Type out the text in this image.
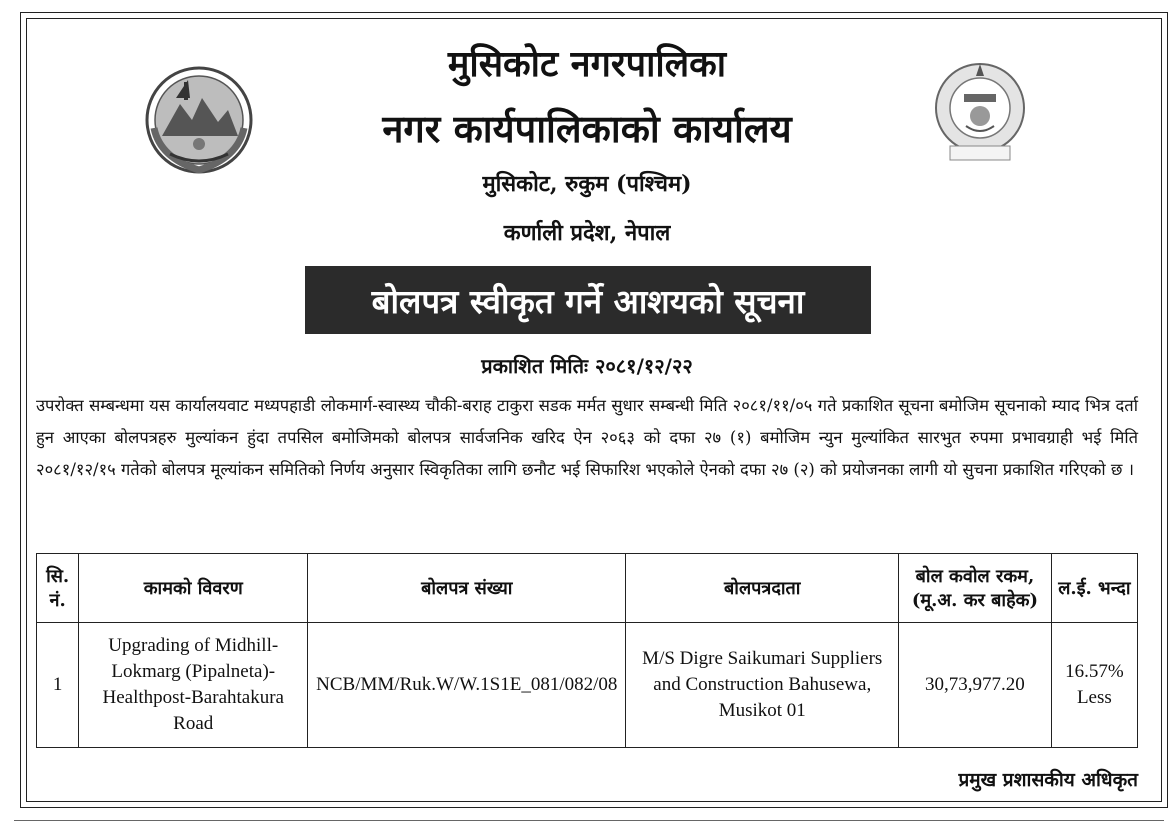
मुसिकोट नगरपालिका
नगर कार्यपालिकाको कार्यालय
मुसिकोट, रुकुम (पश्चिम)
कर्णाली प्रदेश, नेपाल
बोलपत्र स्वीकृत गर्ने आशयको सूचना
प्रकाशित मितिः २०८१/१२/२२
उपरोक्त सम्बन्धमा यस कार्यालयवाट मध्यपहाडी लोकमार्ग-स्वास्थ्य चौकी-बराह टाकुरा सडक मर्मत सुधार सम्बन्धी मिति २०८१/११/०५ गते प्रकाशित सूचना बमोजिम सूचनाको म्याद भित्र दर्ता हुन आएका बोलपत्रहरु मुल्यांकन हुंदा तपसिल बमोजिमको बोलपत्र सार्वजनिक खरिद ऐन २०६३ को दफा २७ (१) बमोजिम न्युन मुल्यांकित सारभुत रुपमा प्रभावग्राही भई मिति २०८१/१२/१५ गतेको बोलपत्र मूल्यांकन समितिको निर्णय अनुसार स्विकृतिका लागि छनौट भई सिफारिश भएकोले ऐनको दफा २७ (२) को प्रयोजनका लागी यो सुचना प्रकाशित गरिएको छ ।
सि. नं.	कामको विवरण	बोलपत्र संख्या	बोलपत्रदाता	बोल कवोल रकम, (मू.अ. कर बाहेक)	ल.ई. भन्दा
1	Upgrading of Midhill-Lokmarg (Pipalneta)-Healthpost-Barahtakura Road	NCB/MM/Ruk.W/W.1S1E_081/082/08	M/S Digre Saikumari Suppliers and Construction Bahusewa, Musikot 01	30,73,977.20	16.57% Less
प्रमुख प्रशासकीय अधिकृत
